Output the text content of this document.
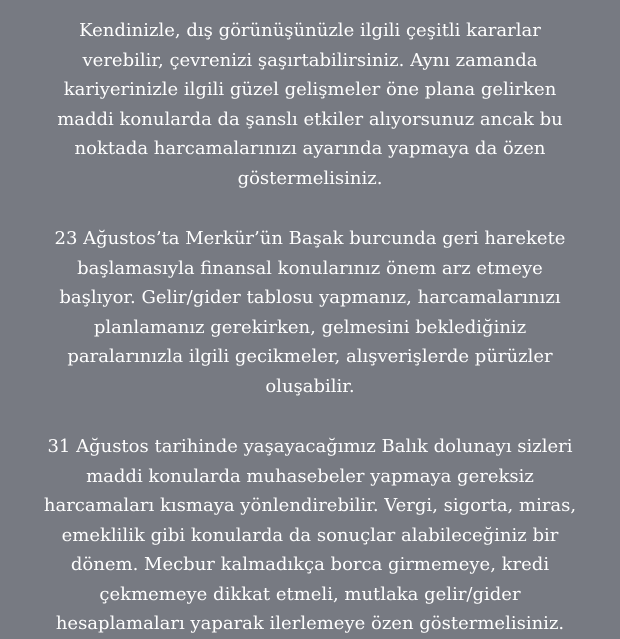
Kendinizle, dış görünüşünüzle ilgili çeşitli kararlar
verebilir, çevrenizi şaşırtabilirsiniz. Aynı zamanda
kariyerinizle ilgili güzel gelişmeler öne plana gelirken
maddi konularda da şanslı etkiler alıyorsunuz ancak bu
noktada harcamalarınızı ayarında yapmaya da özen
göstermelisiniz.

23 Ağustos’ta Merkür’ün Başak burcunda geri harekete
başlamasıyla finansal konularınız önem arz etmeye
başlıyor. Gelir/gider tablosu yapmanız, harcamalarınızı
planlamanız gerekirken, gelmesini beklediğiniz
paralarınızla ilgili gecikmeler, alışverişlerde pürüzler
oluşabilir.

31 Ağustos tarihinde yaşayacağımız Balık dolunayı sizleri
maddi konularda muhasebeler yapmaya gereksiz
harcamaları kısmaya yönlendirebilir. Vergi, sigorta, miras,
emeklilik gibi konularda da sonuçlar alabileceğiniz bir
dönem. Mecbur kalmadıkça borca girmemeye, kredi
çekmemeye dikkat etmeli, mutlaka gelir/gider
hesaplamaları yaparak ilerlemeye özen göstermelisiniz.
